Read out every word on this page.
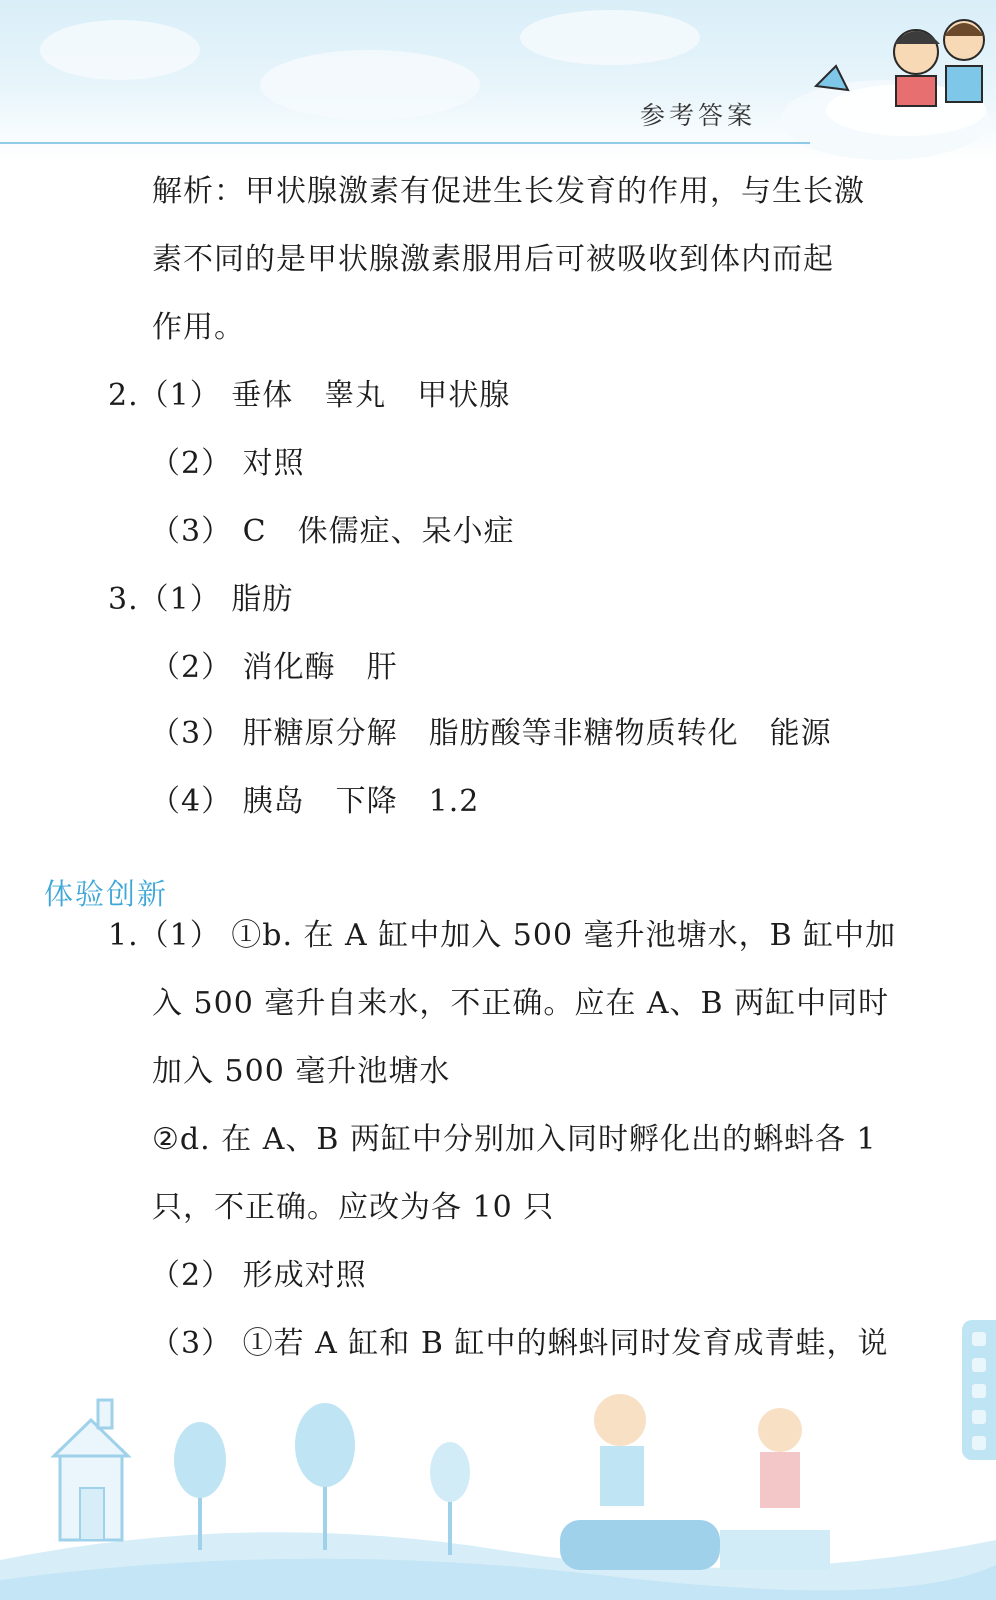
参考答案
解析：甲状腺激素有促进生长发育的作用，与生长激
素不同的是甲状腺激素服用后可被吸收到体内而起
作用。
2.（1） 垂体　睾丸　甲状腺
（2） 对照
（3） C　侏儒症、呆小症
3.（1） 脂肪
（2） 消化酶　肝
（3） 肝糖原分解　脂肪酸等非糖物质转化　能源
（4） 胰岛　下降　1.2
体验创新
1.（1） ①b. 在 A 缸中加入 500 毫升池塘水，B 缸中加
入 500 毫升自来水，不正确。应在 A、B 两缸中同时
加入 500 毫升池塘水
②d. 在 A、B 两缸中分别加入同时孵化出的蝌蚪各 1
只，不正确。应改为各 10 只
（2） 形成对照
（3） ①若 A 缸和 B 缸中的蝌蚪同时发育成青蛙，说
